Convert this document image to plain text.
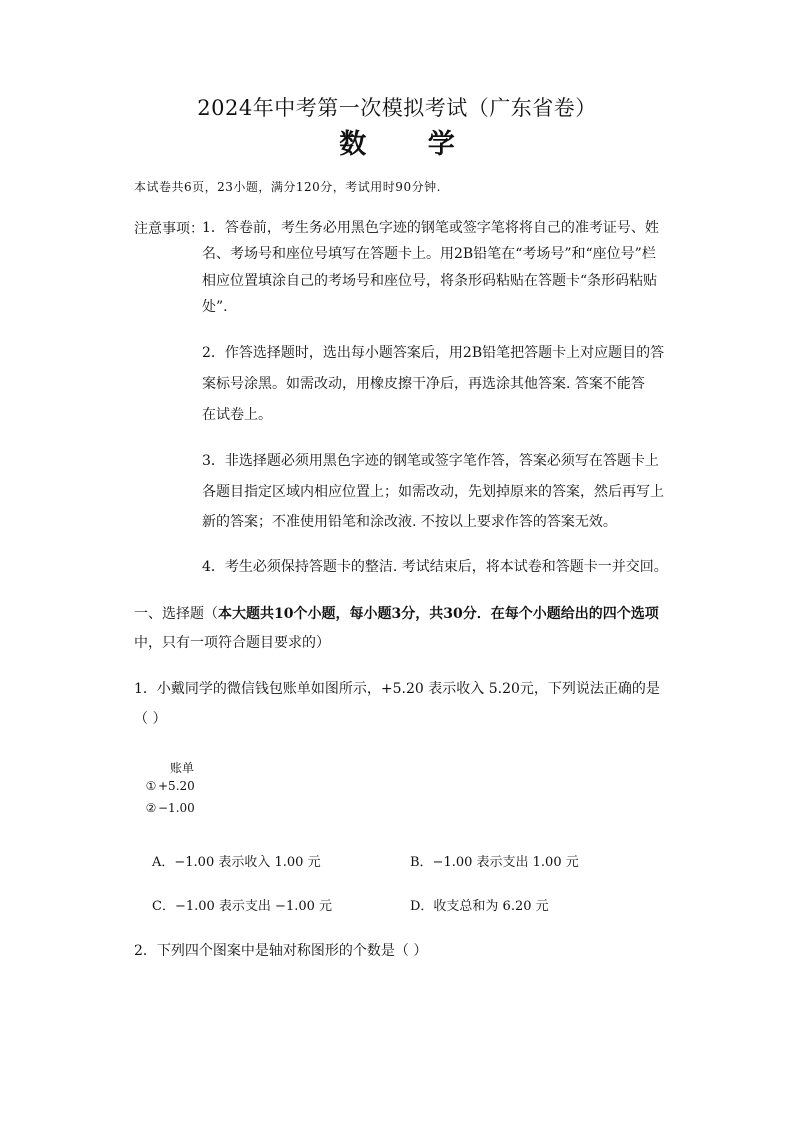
2024年中考第一次模拟考试（广东省卷）
数 学
本试卷共6页，23小题，满分120分，考试用时90分钟.
注意事项：
1．答卷前，考生务必用黑色字迹的钢笔或签字笔将将自己的准考证号、姓
名、考场号和座位号填写在答题卡上。用2B铅笔在“考场号”和“座位号”栏
相应位置填涂自己的考场号和座位号，将条形码粘贴在答题卡“条形码粘贴
处”.
2．作答选择题时，选出每小题答案后，用2B铅笔把答题卡上对应题目的答
案标号涂黑。如需改动，用橡皮擦干净后，再选涂其他答案. 答案不能答
在试卷上。
3．非选择题必须用黑色字迹的钢笔或签字笔作答，答案必须写在答题卡上
各题目指定区域内相应位置上；如需改动，先划掉原来的答案，然后再写上
新的答案；不准使用铅笔和涂改液. 不按以上要求作答的答案无效。
4．考生必须保持答题卡的整洁. 考试结束后，将本试卷和答题卡一并交回。
一、选择题（本大题共10个小题，每小题3分，共30分．在每个小题给出的四个选项
中，只有一项符合题目要求的）
1．小戴同学的微信钱包账单如图所示，+5.20 表示收入 5.20元，下列说法正确的是
（ ）
账单
① +5.20
② −1.00
A．−1.00 表示收入 1.00 元	B．−1.00 表示支出 1.00 元
C．−1.00 表示支出 −1.00 元	D．收支总和为 6.20 元
2．下列四个图案中是轴对称图形的个数是（ ）
